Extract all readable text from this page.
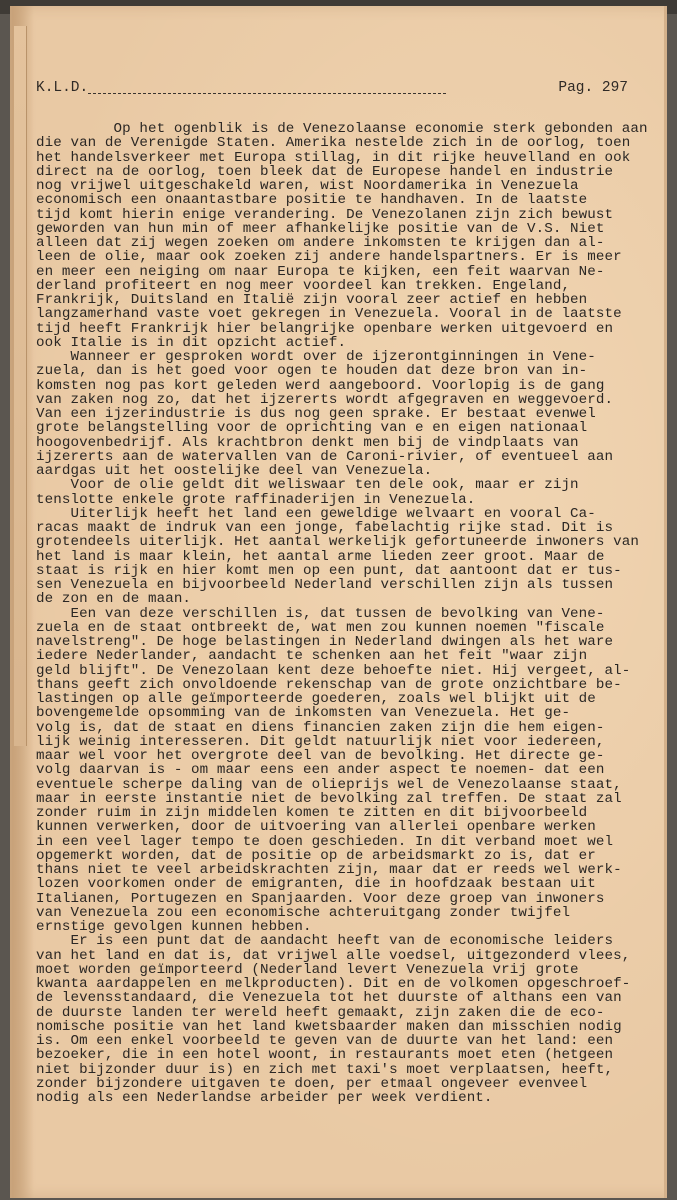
K.L.D.	Pag. 297
Op het ogenblik is de Venezolaanse economie sterk gebonden aan
die van de Verenigde Staten. Amerika nestelde zich in de oorlog, toen
het handelsverkeer met Europa stillag, in dit rijke heuvelland en ook
direct na de oorlog, toen bleek dat de Europese handel en industrie
nog vrijwel uitgeschakeld waren, wist Noordamerika in Venezuela
economisch een onaantastbare positie te handhaven. In de laatste
tijd komt hierin enige verandering. De Venezolanen zijn zich bewust
geworden van hun min of meer afhankelijke positie van de V.S. Niet
alleen dat zij wegen zoeken om andere inkomsten te krijgen dan al-
leen de olie, maar ook zoeken zij andere handelspartners. Er is meer
en meer een neiging om naar Europa te kijken, een feit waarvan Ne-
derland profiteert en nog meer voordeel kan trekken. Engeland,
Frankrijk, Duitsland en Italië zijn vooral zeer actief en hebben
langzamerhand vaste voet gekregen in Venezuela. Vooral in de laatste
tijd heeft Frankrijk hier belangrijke openbare werken uitgevoerd en
ook Italie is in dit opzicht actief.
Wanneer er gesproken wordt over de ijzerontginningen in Vene-
zuela, dan is het goed voor ogen te houden dat deze bron van in-
komsten nog pas kort geleden werd aangeboord. Voorlopig is de gang
van zaken nog zo, dat het ijzererts wordt afgegraven en weggevoerd.
Van een ijzerindustrie is dus nog geen sprake. Er bestaat evenwel
grote belangstelling voor de oprichting van e en eigen nationaal
hoogovenbedrijf. Als krachtbron denkt men bij de vindplaats van
ijzererts aan de watervallen van de Caroni-rivier, of eventueel aan
aardgas uit het oostelijke deel van Venezuela.
Voor de olie geldt dit weliswaar ten dele ook, maar er zijn
tenslotte enkele grote raffinaderijen in Venezuela.
Uiterlijk heeft het land een geweldige welvaart en vooral Ca-
racas maakt de indruk van een jonge, fabelachtig rijke stad. Dit is
grotendeels uiterlijk. Het aantal werkelijk gefortuneerde inwoners van
het land is maar klein, het aantal arme lieden zeer groot. Maar de
staat is rijk en hier komt men op een punt, dat aantoont dat er tus-
sen Venezuela en bijvoorbeeld Nederland verschillen zijn als tussen
de zon en de maan.
Een van deze verschillen is, dat tussen de bevolking van Vene-
zuela en de staat ontbreekt de, wat men zou kunnen noemen "fiscale
navelstreng". De hoge belastingen in Nederland dwingen als het ware
iedere Nederlander, aandacht te schenken aan het feit "waar zijn
geld blijft". De Venezolaan kent deze behoefte niet. Hij vergeet, al-
thans geeft zich onvoldoende rekenschap van de grote onzichtbare be-
lastingen op alle geïmporteerde goederen, zoals wel blijkt uit de
bovengemelde opsomming van de inkomsten van Venezuela. Het ge-
volg is, dat de staat en diens financien zaken zijn die hem eigen-
lijk weinig interesseren. Dit geldt natuurlijk niet voor iedereen,
maar wel voor het overgrote deel van de bevolking. Het directe ge-
volg daarvan is - om maar eens een ander aspect te noemen- dat een
eventuele scherpe daling van de olieprijs wel de Venezolaanse staat,
maar in eerste instantie niet de bevolking zal treffen. De staat zal
zonder ruim in zijn middelen komen te zitten en dit bijvoorbeeld
kunnen verwerken, door de uitvoering van allerlei openbare werken
in een veel lager tempo te doen geschieden. In dit verband moet wel
opgemerkt worden, dat de positie op de arbeidsmarkt zo is, dat er
thans niet te veel arbeidskrachten zijn, maar dat er reeds wel werk-
lozen voorkomen onder de emigranten, die in hoofdzaak bestaan uit
Italianen, Portugezen en Spanjaarden. Voor deze groep van inwoners
van Venezuela zou een economische achteruitgang zonder twijfel
ernstige gevolgen kunnen hebben.
Er is een punt dat de aandacht heeft van de economische leiders
van het land en dat is, dat vrijwel alle voedsel, uitgezonderd vlees,
moet worden geïmporteerd (Nederland levert Venezuela vrij grote
kwanta aardappelen en melkproducten). Dit en de volkomen opgeschroef-
de levensstandaard, die Venezuela tot het duurste of althans een van
de duurste landen ter wereld heeft gemaakt, zijn zaken die de eco-
nomische positie van het land kwetsbaarder maken dan misschien nodig
is. Om een enkel voorbeeld te geven van de duurte van het land: een
bezoeker, die in een hotel woont, in restaurants moet eten (hetgeen
niet bijzonder duur is) en zich met taxi's moet verplaatsen, heeft,
zonder bijzondere uitgaven te doen, per etmaal ongeveer evenveel
nodig als een Nederlandse arbeider per week verdient.
